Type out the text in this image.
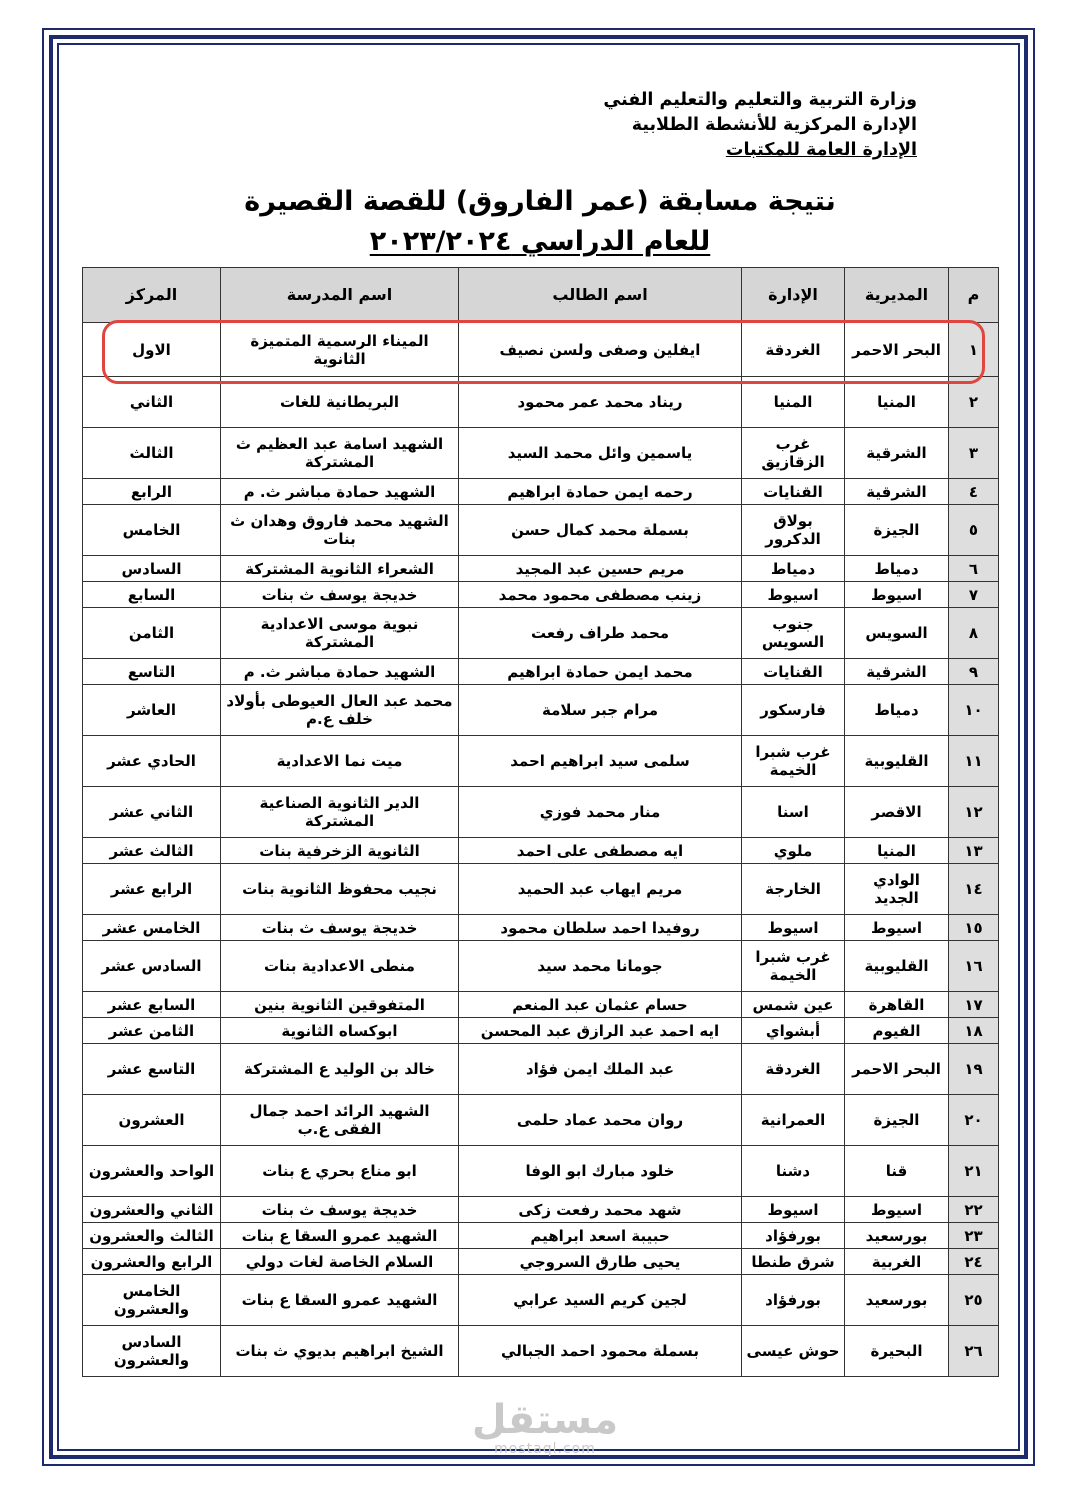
وزارة التربية والتعليم والتعليم الفني
الإدارة المركزية للأنشطة الطلابية
الإدارة العامة للمكتبات
نتيجة مسابقة (عمر الفاروق) للقصة القصيرة
للعام الدراسي ٢٠٢٣/٢٠٢٤
م	المديرية	الإدارة	اسم الطالب	اسم المدرسة	المركز
١	البحر الاحمر	الغردقة	ايفلين وصفى ولسن نصيف	الميناء الرسمية المتميزة الثانوية	الاول
٢	المنيا	المنيا	ريناد محمد عمر محمود	البريطانية للغات	الثاني
٣	الشرقية	غرب الزقازيق	ياسمين وائل محمد السيد	الشهيد اسامة عبد العظيم ث المشتركة	الثالث
٤	الشرقية	القنايات	رحمه ايمن حمادة ابراهيم	الشهيد حمادة مباشر ث. م	الرابع
٥	الجيزة	بولاق الدكرور	بسملة محمد كمال حسن	الشهيد محمد فاروق وهدان ث بنات	الخامس
٦	دمياط	دمياط	مريم حسين عبد المجيد	الشعراء الثانوية المشتركة	السادس
٧	اسيوط	اسيوط	زينب مصطفى محمود محمد	خديجة يوسف ث بنات	السابع
٨	السويس	جنوب السويس	محمد طراف رفعت	نبوية موسى الاعدادية المشتركة	الثامن
٩	الشرقية	القنايات	محمد ايمن حمادة ابراهيم	الشهيد حمادة مباشر ث. م	التاسع
١٠	دمياط	فارسكور	مرام جبر سلامة	محمد عبد العال العيوطى بأولاد خلف ع.م	العاشر
١١	القليوبية	غرب شبرا الخيمة	سلمى سيد ابراهيم احمد	ميت نما الاعدادية	الحادي عشر
١٢	الاقصر	اسنا	منار محمد فوزي	الدير الثانوية الصناعية المشتركة	الثاني عشر
١٣	المنيا	ملوي	ايه مصطفى على احمد	الثانوية الزخرفية بنات	الثالث عشر
١٤	الوادي الجديد	الخارجة	مريم ايهاب عبد الحميد	نجيب محفوظ الثانوية بنات	الرابع عشر
١٥	اسيوط	اسيوط	روفيدا احمد سلطان محمود	خديجة يوسف ث بنات	الخامس عشر
١٦	القليوبية	غرب شبرا الخيمة	جومانا محمد سيد	منطى الاعدادية بنات	السادس عشر
١٧	القاهرة	عين شمس	حسام عثمان عبد المنعم	المتفوقين الثانوية بنين	السابع عشر
١٨	الفيوم	أبشواي	ايه احمد عبد الرازق عبد المحسن	ابوكساه الثانوية	الثامن عشر
١٩	البحر الاحمر	الغردقة	عبد الملك ايمن فؤاد	خالد بن الوليد ع المشتركة	التاسع عشر
٢٠	الجيزة	العمرانية	روان محمد عماد حلمى	الشهيد الرائد احمد جمال الفقى ع.ب	العشرون
٢١	قنا	دشنا	خلود مبارك ابو الوفا	ابو مناع بحري ع بنات	الواحد والعشرون
٢٢	اسيوط	اسيوط	شهد محمد رفعت زكى	خديجة يوسف ث بنات	الثاني والعشرون
٢٣	بورسعيد	بورفؤاد	حبيبة اسعد ابراهيم	الشهيد عمرو السقا ع بنات	الثالث والعشرون
٢٤	الغربية	شرق طنطا	يحيى طارق السروجي	السلام الخاصة لغات دولي	الرابع والعشرون
٢٥	بورسعيد	بورفؤاد	لجين كريم السيد عرابي	الشهيد عمرو السقا ع بنات	الخامس والعشرون
٢٦	البحيرة	حوش عيسى	بسملة محمود احمد الجبالي	الشيخ ابراهيم بديوي ث بنات	السادس والعشرون
مستقل
mostaql.com
